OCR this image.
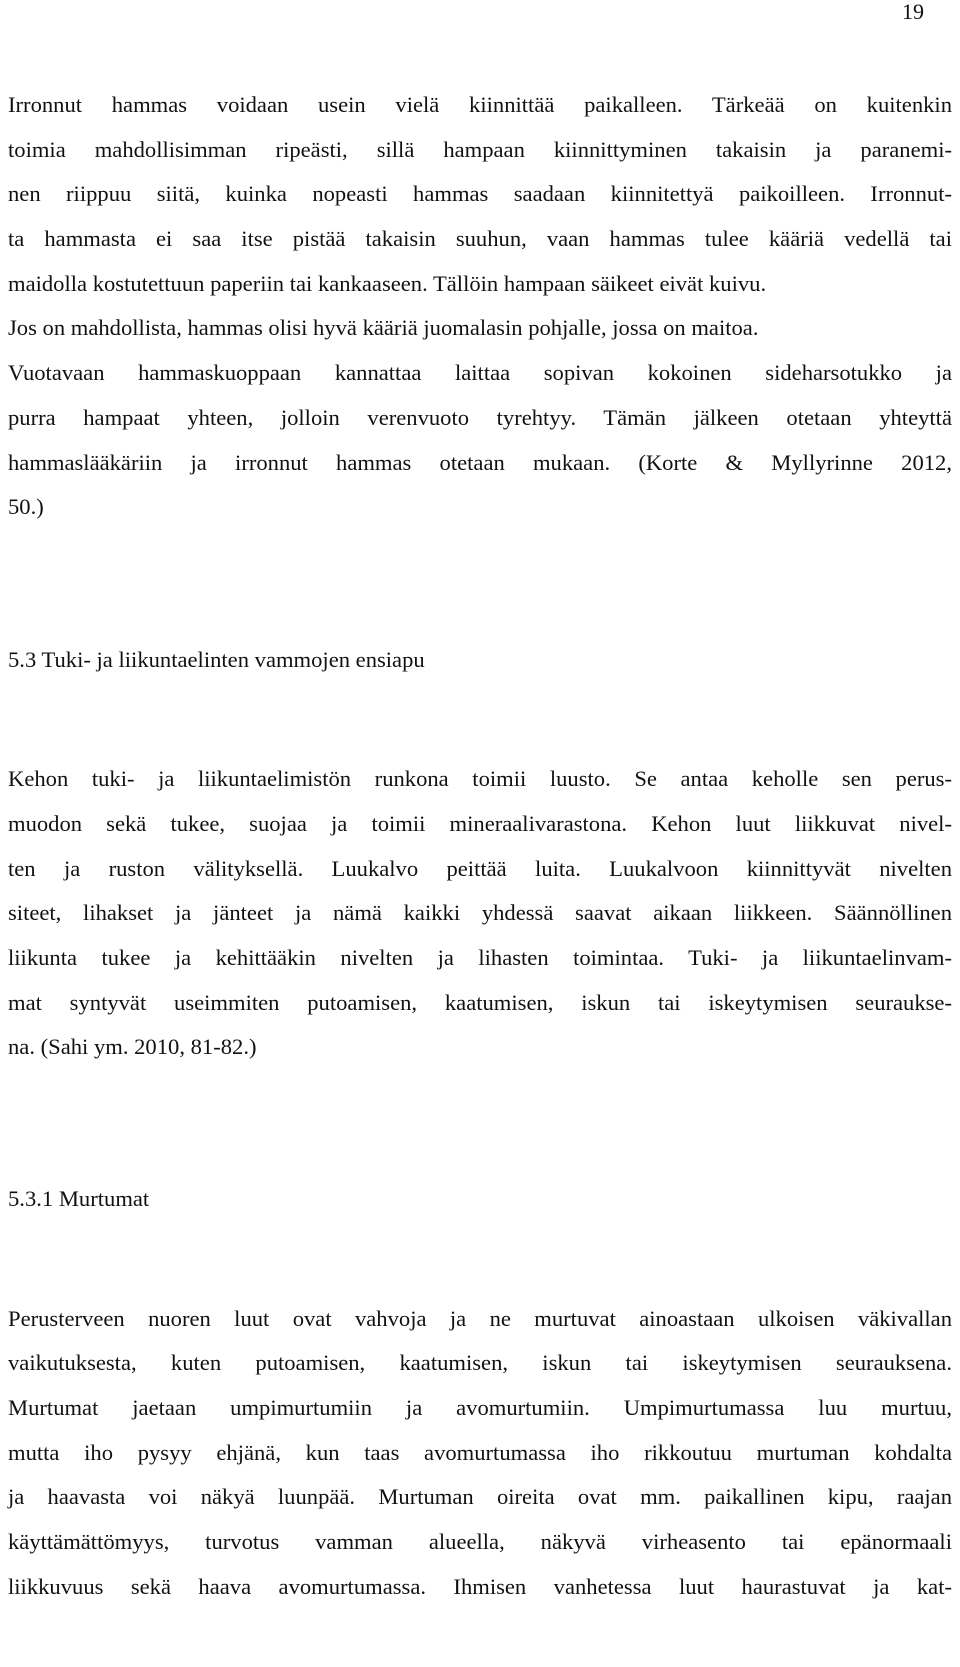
19
Irronnut hammas voidaan usein vielä kiinnittää paikalleen. Tärkeää on kuitenkin
toimia mahdollisimman ripeästi, sillä hampaan kiinnittyminen takaisin ja paranemi-
nen riippuu siitä, kuinka nopeasti hammas saadaan kiinnitettyä paikoilleen. Irronnut-
ta hammasta ei saa itse pistää takaisin suuhun, vaan hammas tulee kääriä vedellä tai
maidolla kostutettuun paperiin tai kankaaseen. Tällöin hampaan säikeet eivät kuivu.
Jos on mahdollista, hammas olisi hyvä kääriä juomalasin pohjalle, jossa on maitoa.
Vuotavaan hammaskuoppaan kannattaa laittaa sopivan kokoinen sideharsotukko ja
purra hampaat yhteen, jolloin verenvuoto tyrehtyy. Tämän jälkeen otetaan yhteyttä
hammaslääkäriin ja irronnut hammas otetaan mukaan. (Korte & Myllyrinne 2012,
50.)
5.3 Tuki- ja liikuntaelinten vammojen ensiapu
Kehon tuki- ja liikuntaelimistön runkona toimii luusto. Se antaa keholle sen perus-
muodon sekä tukee, suojaa ja toimii mineraalivarastona. Kehon luut liikkuvat nivel-
ten ja ruston välityksellä. Luukalvo peittää luita. Luukalvoon kiinnittyvät nivelten
siteet, lihakset ja jänteet ja nämä kaikki yhdessä saavat aikaan liikkeen. Säännöllinen
liikunta tukee ja kehittääkin nivelten ja lihasten toimintaa. Tuki- ja liikuntaelinvam-
mat syntyvät useimmiten putoamisen, kaatumisen, iskun tai iskeytymisen seurauksе-
na. (Sahi ym. 2010, 81-82.)
5.3.1 Murtumat
Perusterveen nuoren luut ovat vahvoja ja ne murtuvat ainoastaan ulkoisen väkivallan
vaikutuksesta, kuten putoamisen, kaatumisen, iskun tai iskeytymisen seurauksena.
Murtumat jaetaan umpimurtumiin ja avomurtumiin. Umpimurtumassa luu murtuu,
mutta iho pysyy ehjänä, kun taas avomurtumassa iho rikkoutuu murtuman kohdalta
ja haavasta voi näkyä luunpää. Murtuman oireita ovat mm. paikallinen kipu, raajan
käyttämättömyys, turvotus vamman alueella, näkyvä virheasento tai epänormaali
liikkuvuus sekä haava avomurtumassa. Ihmisen vanhetessa luut haurastuvat ja kat-
